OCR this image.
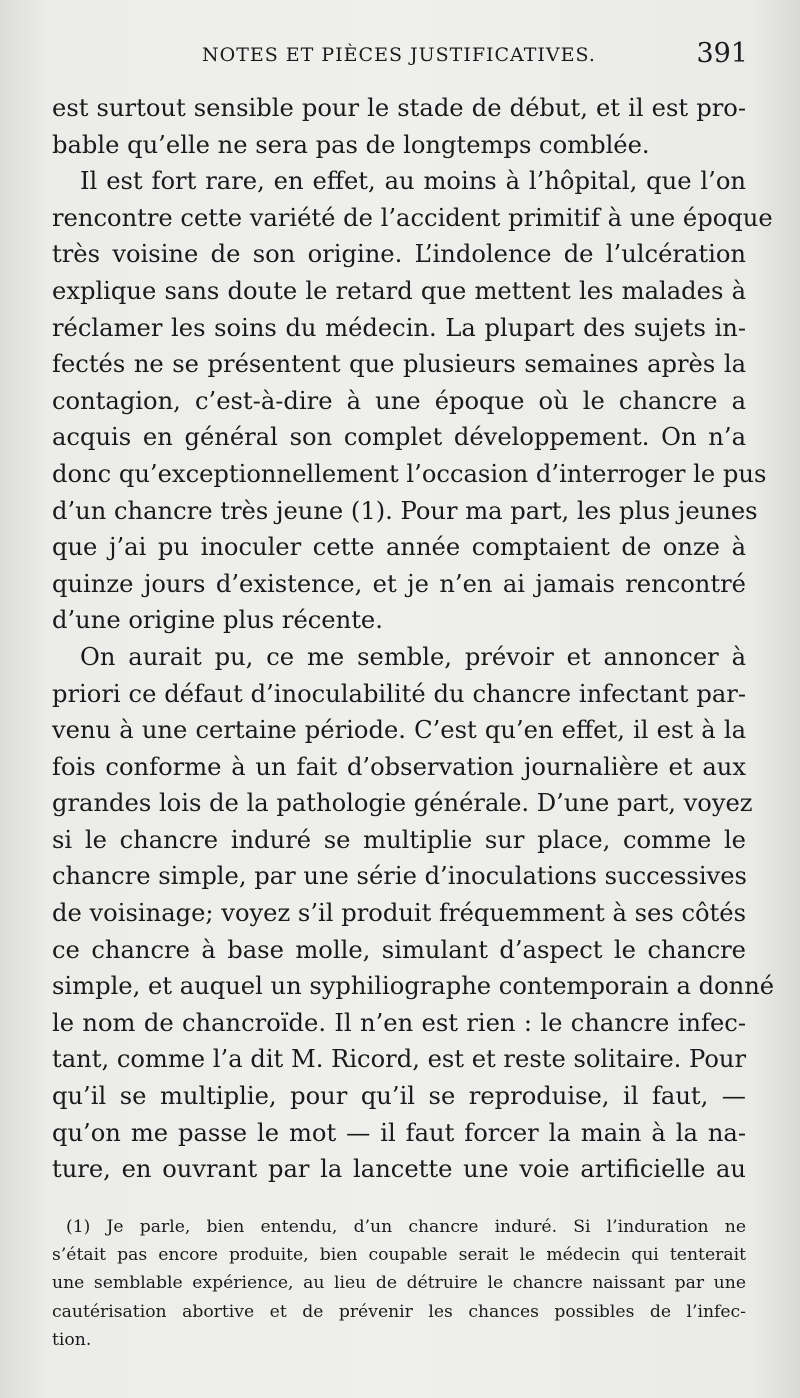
NOTES ET PIÈCES JUSTIFICATIVES.	391

est surtout sensible pour le stade de début, et il est pro-
bable qu’elle ne sera pas de longtemps comblée.

Il est fort rare, en effet, au moins à l’hôpital, que l’on
rencontre cette variété de l’accident primitif à une époque
très voisine de son origine. L’indolence de l’ulcération
explique sans doute le retard que mettent les malades à
réclamer les soins du médecin. La plupart des sujets in-
fectés ne se présentent que plusieurs semaines après la
contagion, c’est-à-dire à une époque où le chancre a
acquis en général son complet développement. On n’a
donc qu’exceptionnellement l’occasion d’interroger le pus
d’un chancre très jeune (1). Pour ma part, les plus jeunes
que j’ai pu inoculer cette année comptaient de onze à
quinze jours d’existence, et je n’en ai jamais rencontré
d’une origine plus récente.

On aurait pu, ce me semble, prévoir et annoncer à
priori ce défaut d’inoculabilité du chancre infectant par-
venu à une certaine période. C’est qu’en effet, il est à la
fois conforme à un fait d’observation journalière et aux
grandes lois de la pathologie générale. D’une part, voyez
si le chancre induré se multiplie sur place, comme le
chancre simple, par une série d’inoculations successives
de voisinage; voyez s’il produit fréquemment à ses côtés
ce chancre à base molle, simulant d’aspect le chancre
simple, et auquel un syphiliographe contemporain a donné
le nom de chancroïde. Il n’en est rien : le chancre infec-
tant, comme l’a dit M. Ricord, est et reste solitaire. Pour
qu’il se multiplie, pour qu’il se reproduise, il faut, —
qu’on me passe le mot — il faut forcer la main à la na-
ture, en ouvrant par la lancette une voie artificielle au

(1) Je parle, bien entendu, d’un chancre induré. Si l’induration ne
s’était pas encore produite, bien coupable serait le médecin qui tenterait
une semblable expérience, au lieu de détruire le chancre naissant par une
cautérisation abortive et de prévenir les chances possibles de l’infec-
tion.
